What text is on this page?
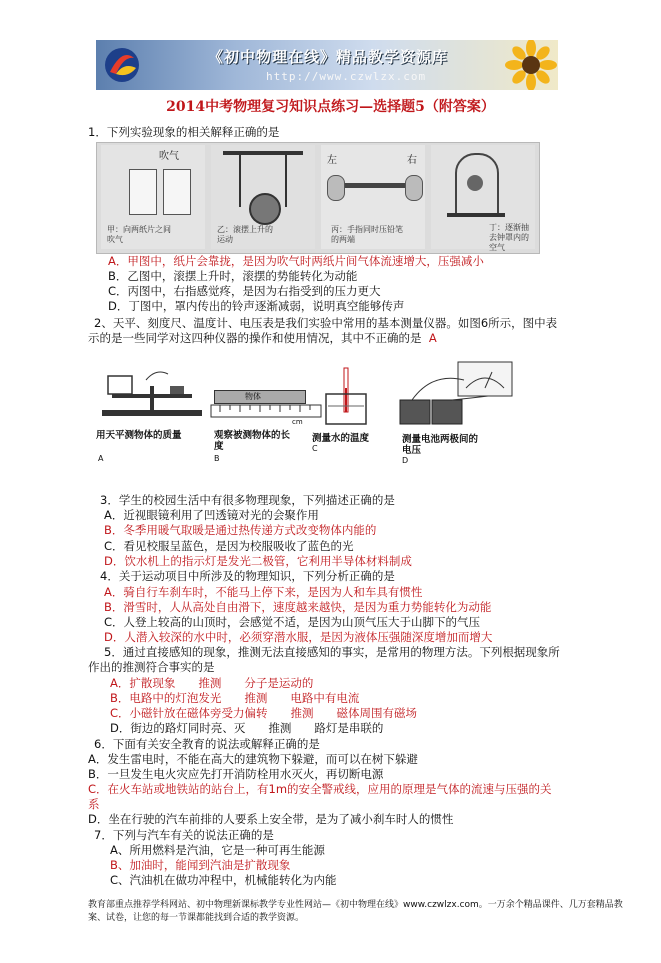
《初中物理在线》精品教学资源库
http://www.czwlzx.com
2014中考物理复习知识点练习—选择题5（附答案）
1．下列实验现象的相关解释正确的是
吹气
甲：向两纸片之间吹气
乙：滚摆上升的运动
左	右
丙：手指同时压铅笔的两端
丁：逐渐抽去钟罩内的空气
A．甲图中，纸片会靠拢，是因为吹气时两纸片间气体流速增大，压强减小
B．乙图中，滚摆上升时，滚摆的势能转化为动能
C．丙图中，右指感觉疼，是因为右指受到的压力更大
D．丁图中，罩内传出的铃声逐渐减弱，说明真空能够传声
2、天平、刻度尺、温度计、电压表是我们实验中常用的基本测量仪器。如图6所示，图中表
示的是一些同学对这四种仪器的操作和使用情况，其中不正确的是 A
用天平测物体的质量
A
物体
cm
观察被测物体的长度
B
测量水的温度
C
测量电池两极间的电压
D
3．学生的校园生活中有很多物理现象，下列描述正确的是
A．近视眼镜利用了凹透镜对光的会聚作用
B．冬季用暖气取暖是通过热传递方式改变物体内能的
C．看见校服呈蓝色，是因为校服吸收了蓝色的光
D．饮水机上的指示灯是发光二极管，它利用半导体材料制成
4．关于运动项目中所涉及的物理知识，下列分析正确的是
A．骑自行车刹车时，不能马上停下来，是因为人和车具有惯性
B．滑雪时，人从高处自由滑下，速度越来越快，是因为重力势能转化为动能
C．人登上较高的山顶时，会感觉不适，是因为山顶气压大于山脚下的气压
D．人潜入较深的水中时，必须穿潜水服，是因为液体压强随深度增加而增大
5．通过直接感知的现象，推测无法直接感知的事实，是常用的物理方法。下列根据现象所
作出的推测符合事实的是
A．扩散现象　　推测　　分子是运动的
B．电路中的灯泡发光　　推测　　电路中有电流
C．小磁针放在磁体旁受力偏转　　推测　　磁体周围有磁场
D．街边的路灯同时亮、灭　　推测　　路灯是串联的
6．下面有关安全教育的说法或解释正确的是
A．发生雷电时，不能在高大的建筑物下躲避，而可以在树下躲避
B．一旦发生电火灾应先打开消防栓用水灭火，再切断电源
C．在火车站或地铁站的站台上，有1m的安全警戒线，应用的原理是气体的流速与压强的关
系
D．坐在行驶的汽车前排的人要系上安全带，是为了减小刹车时人的惯性
7．下列与汽车有关的说法正确的是
A、所用燃料是汽油，它是一种可再生能源
B、加油时，能闻到汽油是扩散现象
C、汽油机在做功冲程中，机械能转化为内能
教育部重点推荐学科网站、初中物理新课标教学专业性网站—《初中物理在线》www.czwlzx.com。一万余个精品课件、几万套精品教案、试卷，让您的每一节课都能找到合适的教学资源。
